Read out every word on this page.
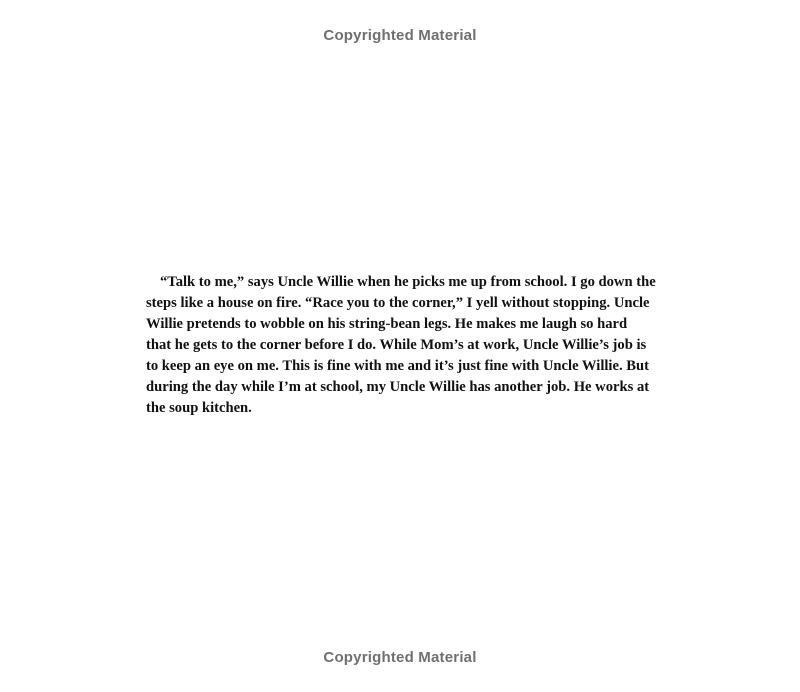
Copyrighted Material
“Talk to me,” says Uncle Willie when he picks me up from school. I go down the
steps like a house on fire. “Race you to the corner,” I yell without stopping. Uncle
Willie pretends to wobble on his string-bean legs. He makes me laugh so hard
that he gets to the corner before I do. While Mom’s at work, Uncle Willie’s job is
to keep an eye on me. This is fine with me and it’s just fine with Uncle Willie. But
during the day while I’m at school, my Uncle Willie has another job. He works at
the soup kitchen.
Copyrighted Material
